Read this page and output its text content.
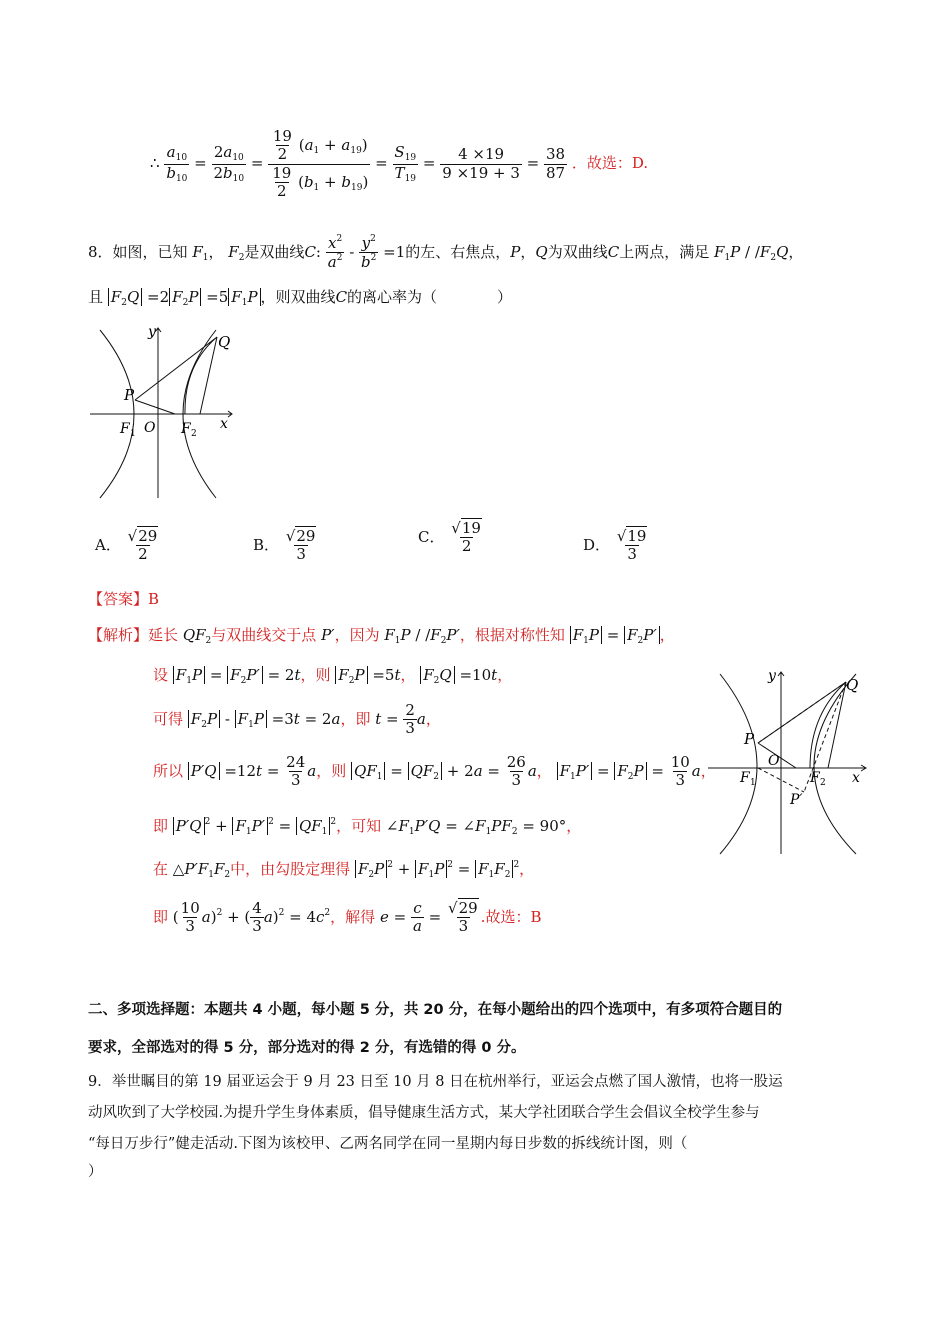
∴ $\frac{a_{10}}{b_{10}} = \frac{2a_{10}}{2b_{10}} = \frac{\frac{19}{2} (a_1 + a_{19})}{\frac{19}{2} (b_1 + b_{19})} = \frac{S_{19}}{T_{19}} = \frac{4 \times 19}{9 \times 19 + 3} = \frac{38}{87}$ ．故选：D.
8．如图，已知 $F_1$， $F_2$是双曲线C: $\frac{x^2}{a^2} - \frac{y^2}{b^2} =1$的左、右焦点，P，Q为双曲线C上两点，满足 $F_1P / /F_2Q$，
且 $F_2Q =2$ $F_2P =5$ $F_1P$ ，则双曲线C的离心率为（　　　　）
y
x
P
Q
F 1 O F 2
A． $\frac{√29}{2}$	B． $\frac{√29}{3}$	C． $\frac{√19}{2}$	D． $\frac{√19}{3}$
【答案】B
【解析】延长 $QF_2$与双曲线交于点 P′，因为 $F_1P / /F_2P'$，根据对称性知 $F_1P = F_2P'$ ，
设 $F_1P = F_2P' = 2t$，则 $F_2P =5t$， $F_2Q =10t$，
可得 $F_2P - F_1P =3t = 2a$，即 $t = \frac{2}{3}$ a，
所以 $P'Q =12t = \frac{24}{3}$ a，则 $QF_1 = QF_2 + 2a = \frac{26}{3}$ a， $F_1P' = F_2P = \frac{10}{3}$ a，
即 P′Q $^2 + F_1P'$ $^2 = QF_1^2$，可知 $\angle F_1P'Q$ = $\angle F_1PF_2 = 90^\circ$，
在 $\triangle P'F_1F_2$中，由勾股定理得 $F_2P$ $^2 + F_1P$ $^2 = F_1F_2^2$，
即 ( $\frac{10}{3} a)^2$ + ( $\frac{4}{3} a)^2 = 4c^2$，解得 $e = \frac{c}{a} = \frac{√29}{3}$ .故选：B
y
x
P
Q
P′
F 1
O
F 2
二、多项选择题：本题共 4 小题，每小题 5 分，共 20 分，在每小题给出的四个选项中，有多项符合题目的
要求，全部选对的得 5 分，部分选对的得 2 分，有选错的得 0 分。
9．举世瞩目的第 19 届亚运会于 9 月 23 日至 10 月 8 日在杭州举行，亚运会点燃了国人激情，也将一股运
动风吹到了大学校园.为提升学生身体素质，倡导健康生活方式，某大学社团联合学生会倡议全校学生参与
“每日万步行”健走活动.下图为该校甲、乙两名同学在同一星期内每日步数的拆线统计图，则（
）
